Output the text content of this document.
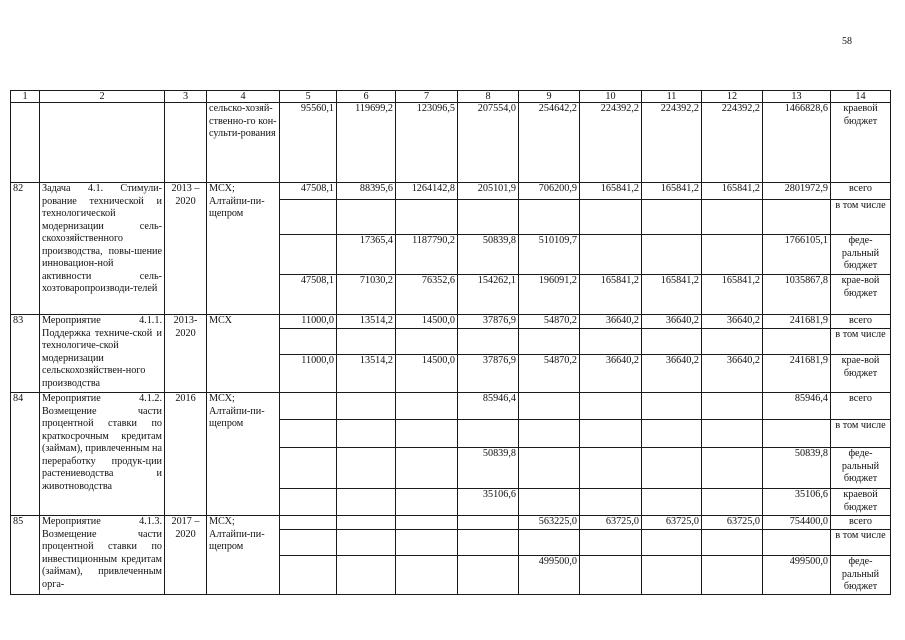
58
1	2	3	4	5	6	7	8	9	10	11	12	13	14
			сельско-хозяй-ственно-го кон-сульти-рования	95560,1	119699,2	123096,5	207554,0	254642,2	224392,2	224392,2	224392,2	1466828,6	краевой бюджет
82	Задача 4.1. Стимули-рование технической и технологической модернизации сель-скохозяйственного производства, повы-шение инновацион-ной активности сель-хозтоваропроизводи-телей	2013 – 2020	МСХ; Алтайпи-пи-щепром	47508,1	88395,6	1264142,8	205101,9	706200,9	165841,2	165841,2	165841,2	2801972,9	всего
													в том числе
					17365,4	1187790,2	50839,8	510109,7				1766105,1	феде-ральный бюджет
				47508,1	71030,2	76352,6	154262,1	196091,2	165841,2	165841,2	165841,2	1035867,8	крае-вой бюджет
83	Мероприятие 4.1.1. Поддержка техниче-ской и технологиче-ской модернизации сельскохозяйствен-ного производства	2013-2020	МСХ	11000,0	13514,2	14500,0	37876,9	54870,2	36640,2	36640,2	36640,2	241681,9	всего
													в том числе
				11000,0	13514,2	14500,0	37876,9	54870,2	36640,2	36640,2	36640,2	241681,9	крае-вой бюджет
84	Мероприятие 4.1.2. Возмещение части процентной ставки по краткосрочным кредитам (займам), привлеченным на переработку продук-ции растениеводства и животноводства	2016	МСХ; Алтайпи-пи-щепром				85946,4					85946,4	всего
													в том числе
							50839,8					50839,8	феде-ральный бюджет
							35106,6					35106,6	краевой бюджет
85	Мероприятие 4.1.3. Возмещение части процентной ставки по инвестиционным кредитам (займам), привлеченным орга-	2017 – 2020	МСХ; Алтайпи-пи-щепром					563225,0	63725,0	63725,0	63725,0	754400,0	всего
													в том числе
								499500,0				499500,0	феде-ральный бюджет
